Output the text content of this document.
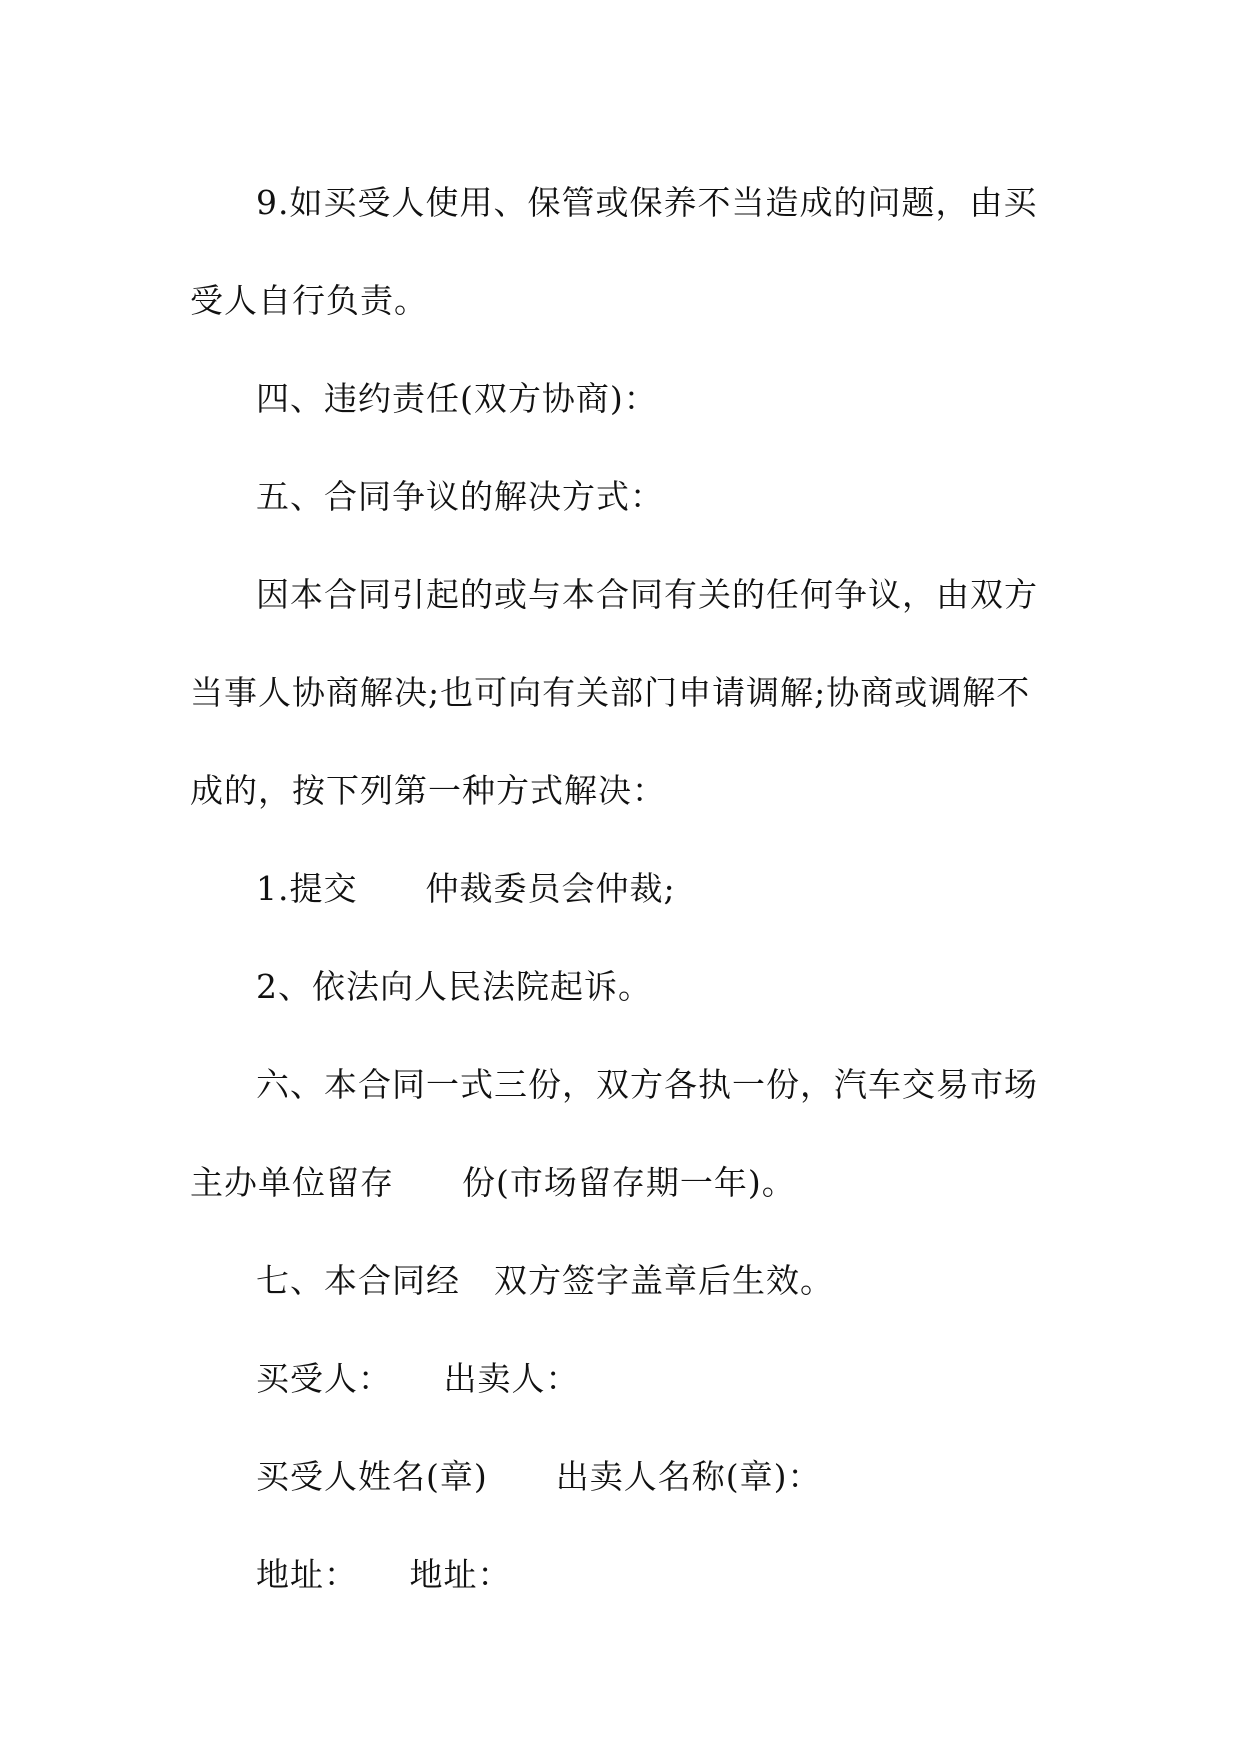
9.如买受人使用、保管或保养不当造成的问题，由买
受人自行负责。
四、违约责任(双方协商)：
五、合同争议的解决方式：
因本合同引起的或与本合同有关的任何争议，由双方
当事人协商解决;也可向有关部门申请调解;协商或调解不
成的，按下列第一种方式解决：
1.提交　　仲裁委员会仲裁;
2、依法向人民法院起诉。
六、本合同一式三份，双方各执一份，汽车交易市场
主办单位留存　　份(市场留存期一年)。
七、本合同经　双方签字盖章后生效。
买受人：　　出卖人：
买受人姓名(章)　　出卖人名称(章)：
地址：　　地址：
